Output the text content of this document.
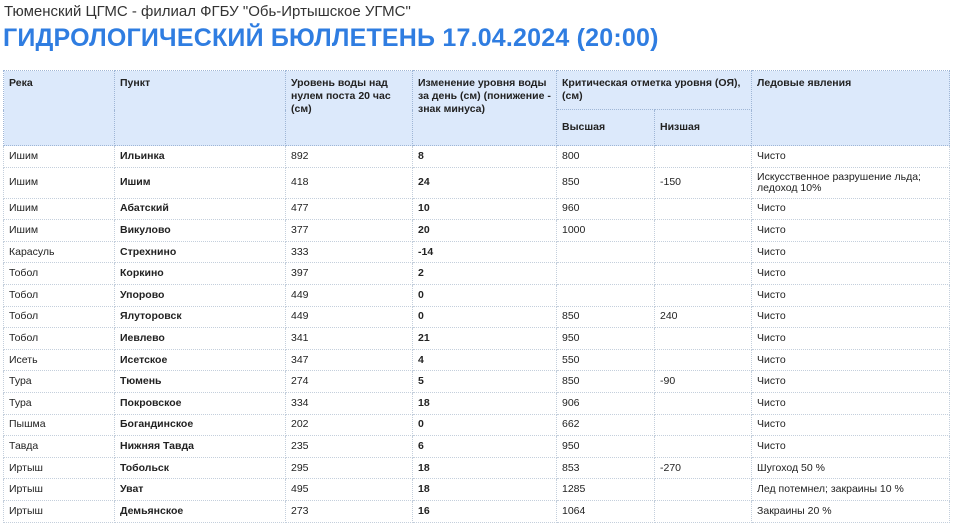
Тюменский ЦГМС - филиал ФГБУ "Обь-Иртышское УГМС"
ГИДРОЛОГИЧЕСКИЙ БЮЛЛЕТЕНЬ 17.04.2024 (20:00)
Река	Пункт	Уровень воды над нулем поста 20 час (см)	Изменение уровня воды за день (см) (понижение - знак минуса)	Критическая отметка уровня (ОЯ), (см)		Ледовые явления
				Высшая	Низшая	
Ишим	Ильинка	892	8	800		Чисто
Ишим	Ишим	418	24	850	-150	Искусственное разрушение льда; ледоход 10%
Ишим	Абатский	477	10	960		Чисто
Ишим	Викулово	377	20	1000		Чисто
Карасуль	Стрехнино	333	-14			Чисто
Тобол	Коркино	397	2			Чисто
Тобол	Упорово	449	0			Чисто
Тобол	Ялуторовск	449	0	850	240	Чисто
Тобол	Иевлево	341	21	950		Чисто
Исеть	Исетское	347	4	550		Чисто
Тура	Тюмень	274	5	850	-90	Чисто
Тура	Покровское	334	18	906		Чисто
Пышма	Богандинское	202	0	662		Чисто
Тавда	Нижняя Тавда	235	6	950		Чисто
Иртыш	Тобольск	295	18	853	-270	Шугоход 50 %
Иртыш	Уват	495	18	1285		Лед потемнел; закраины 10 %
Иртыш	Демьянское	273	16	1064		Закраины 20 %
